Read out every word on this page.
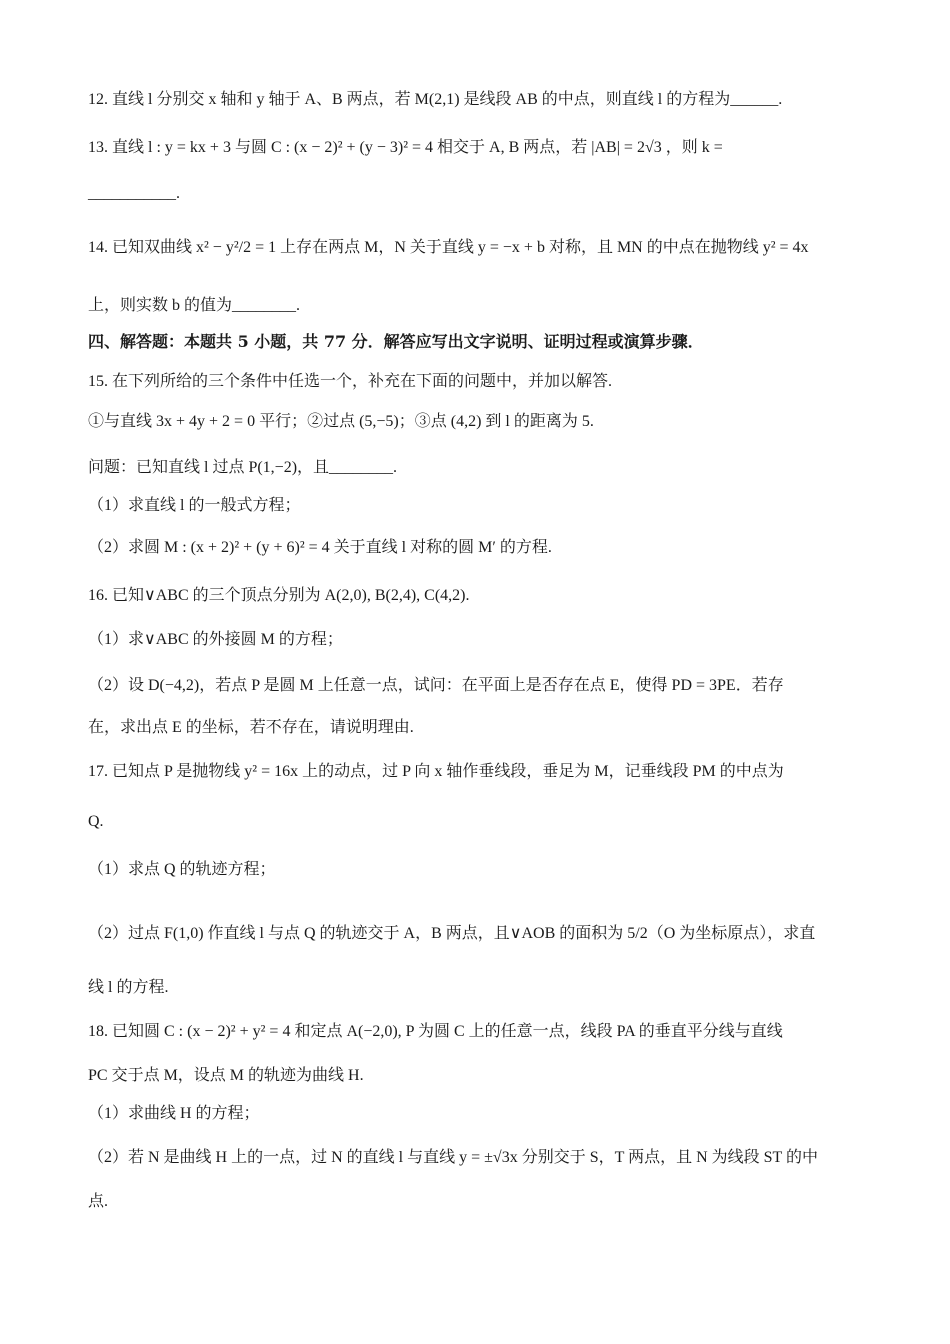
12. 直线 l 分别交 x 轴和 y 轴于 A、B 两点，若 M(2,1) 是线段 AB 的中点，则直线 l 的方程为______.
13. 直线 l : y = kx + 3 与圆 C : (x − 2)² + (y − 3)² = 4 相交于 A, B 两点，若 |AB| = 2√3 ，则 k =
___________.
14. 已知双曲线 x² − y²/2 = 1 上存在两点 M，N 关于直线 y = −x + b 对称，且 MN 的中点在抛物线 y² = 4x
上，则实数 b 的值为________.
四、解答题：本题共 5 小题，共 77 分．解答应写出文字说明、证明过程或演算步骤．
15. 在下列所给的三个条件中任选一个，补充在下面的问题中，并加以解答.
①与直线 3x + 4y + 2 = 0 平行；②过点 (5,−5)；③点 (4,2) 到 l 的距离为 5.
问题：已知直线 l 过点 P(1,−2)，且________.
（1）求直线 l 的一般式方程；
（2）求圆 M : (x + 2)² + (y + 6)² = 4 关于直线 l 对称的圆 M′ 的方程.
16. 已知∨ABC 的三个顶点分别为 A(2,0), B(2,4), C(4,2).
（1）求∨ABC 的外接圆 M 的方程；
（2）设 D(−4,2)，若点 P 是圆 M 上任意一点，试问：在平面上是否存在点 E，使得 PD = 3PE．若存
在，求出点 E 的坐标，若不存在，请说明理由.
17. 已知点 P 是抛物线 y² = 16x 上的动点，过 P 向 x 轴作垂线段，垂足为 M，记垂线段 PM 的中点为
Q.
（1）求点 Q 的轨迹方程；
（2）过点 F(1,0) 作直线 l 与点 Q 的轨迹交于 A，B 两点，且∨AOB 的面积为 5/2（O 为坐标原点），求直
线 l 的方程.
18. 已知圆 C : (x − 2)² + y² = 4 和定点 A(−2,0), P 为圆 C 上的任意一点，线段 PA 的垂直平分线与直线
PC 交于点 M，设点 M 的轨迹为曲线 H.
（1）求曲线 H 的方程；
（2）若 N 是曲线 H 上的一点，过 N 的直线 l 与直线 y = ±√3x 分别交于 S，T 两点，且 N 为线段 ST 的中
点.
